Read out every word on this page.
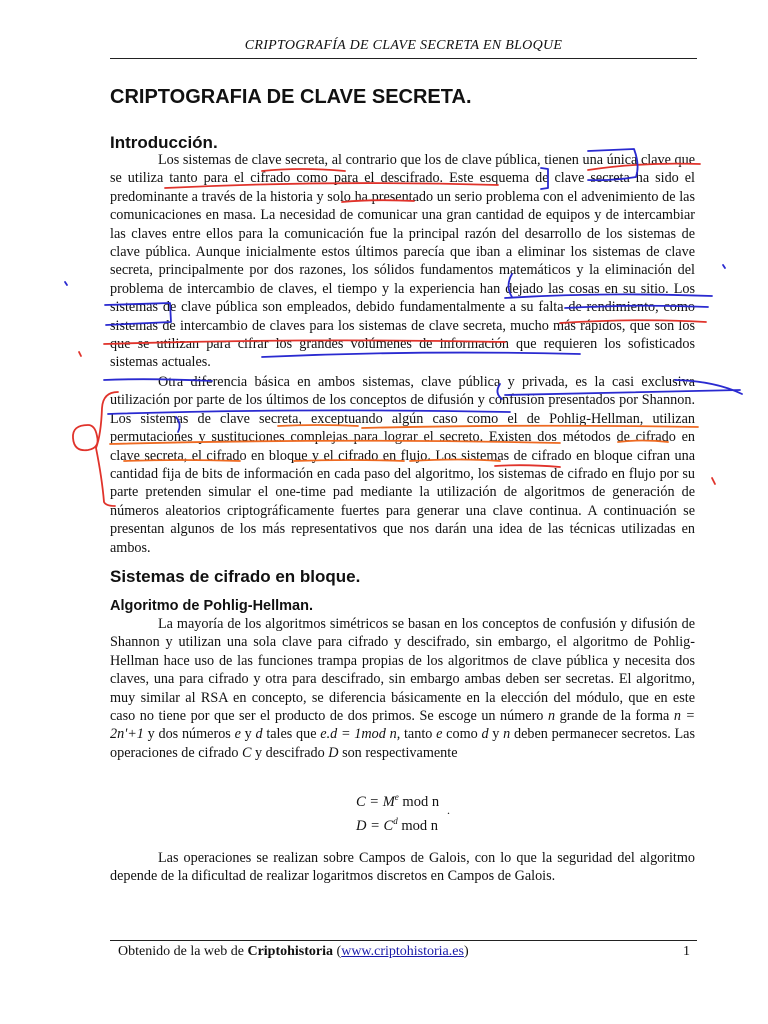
CRIPTOGRAFÍA DE CLAVE SECRETA EN BLOQUE
CRIPTOGRAFIA DE CLAVE SECRETA.
Introducción.
Los sistemas de clave secreta, al contrario que los de clave pública, tienen una única clave que se utiliza tanto para el cifrado como para el descifrado. Este esquema de clave secreta ha sido el predominante a través de la historia y solo ha presentado un serio problema con el advenimiento de las comunicaciones en masa. La necesidad de comunicar una gran cantidad de equipos y de intercambiar las claves entre ellos para la comunicación fue la principal razón del desarrollo de los sistemas de clave pública. Aunque inicialmente estos últimos parecía que iban a eliminar los sistemas de clave secreta, principalmente por dos razones, los sólidos fundamentos matemáticos y la eliminación del problema de intercambio de claves, el tiempo y la experiencia han dejado las cosas en su sitio. Los sistemas de clave pública son empleados, debido fundamentalmente a su falta de rendimiento, como sistemas de intercambio de claves para los sistemas de clave secreta, mucho más rápidos, que son los que se utilizan para cifrar los grandes volúmenes de información que requieren los sofisticados sistemas actuales.
Otra diferencia básica en ambos sistemas, clave pública y privada, es la casi exclusiva utilización por parte de los últimos de los conceptos de difusión y confusión presentados por Shannon. Los sistemas de clave secreta, exceptuando algún caso como el de Pohlig-Hellman, utilizan permutaciones y sustituciones complejas para lograr el secreto. Existen dos métodos de cifrado en clave secreta, el cifrado en bloque y el cifrado en flujo. Los sistemas de cifrado en bloque cifran una cantidad fija de bits de información en cada paso del algoritmo, los sistemas de cifrado en flujo por su parte pretenden simular el one-time pad mediante la utilización de algoritmos de generación de números aleatorios criptográficamente fuertes para generar una clave continua. A continuación se presentan algunos de los más representativos que nos darán una idea de las técnicas utilizadas en ambos.
Sistemas de cifrado en bloque.
Algoritmo de Pohlig-Hellman.
La mayoría de los algoritmos simétricos se basan en los conceptos de confusión y difusión de Shannon y utilizan una sola clave para cifrado y descifrado, sin embargo, el algoritmo de Pohlig-Hellman hace uso de las funciones trampa propias de los algoritmos de clave pública y necesita dos claves, una para cifrado y otra para descifrado, sin embargo ambas deben ser secretas. El algoritmo, muy similar al RSA en concepto, se diferencia básicamente en la elección del módulo, que en este caso no tiene por que ser el producto de dos primos. Se escoge un número n grande de la forma n = 2n'+1 y dos números e y d tales que e.d = 1mod n, tanto e como d y n deben permanecer secretos. Las operaciones de cifrado C y descifrado D son respectivamente
$C = M^e$ mod n .
$D = C^d$ mod n
Las operaciones se realizan sobre Campos de Galois, con lo que la seguridad del algoritmo depende de la dificultad de realizar logaritmos discretos en Campos de Galois.
Obtenido de la web de Criptohistoria (www.criptohistoria.es)	1
